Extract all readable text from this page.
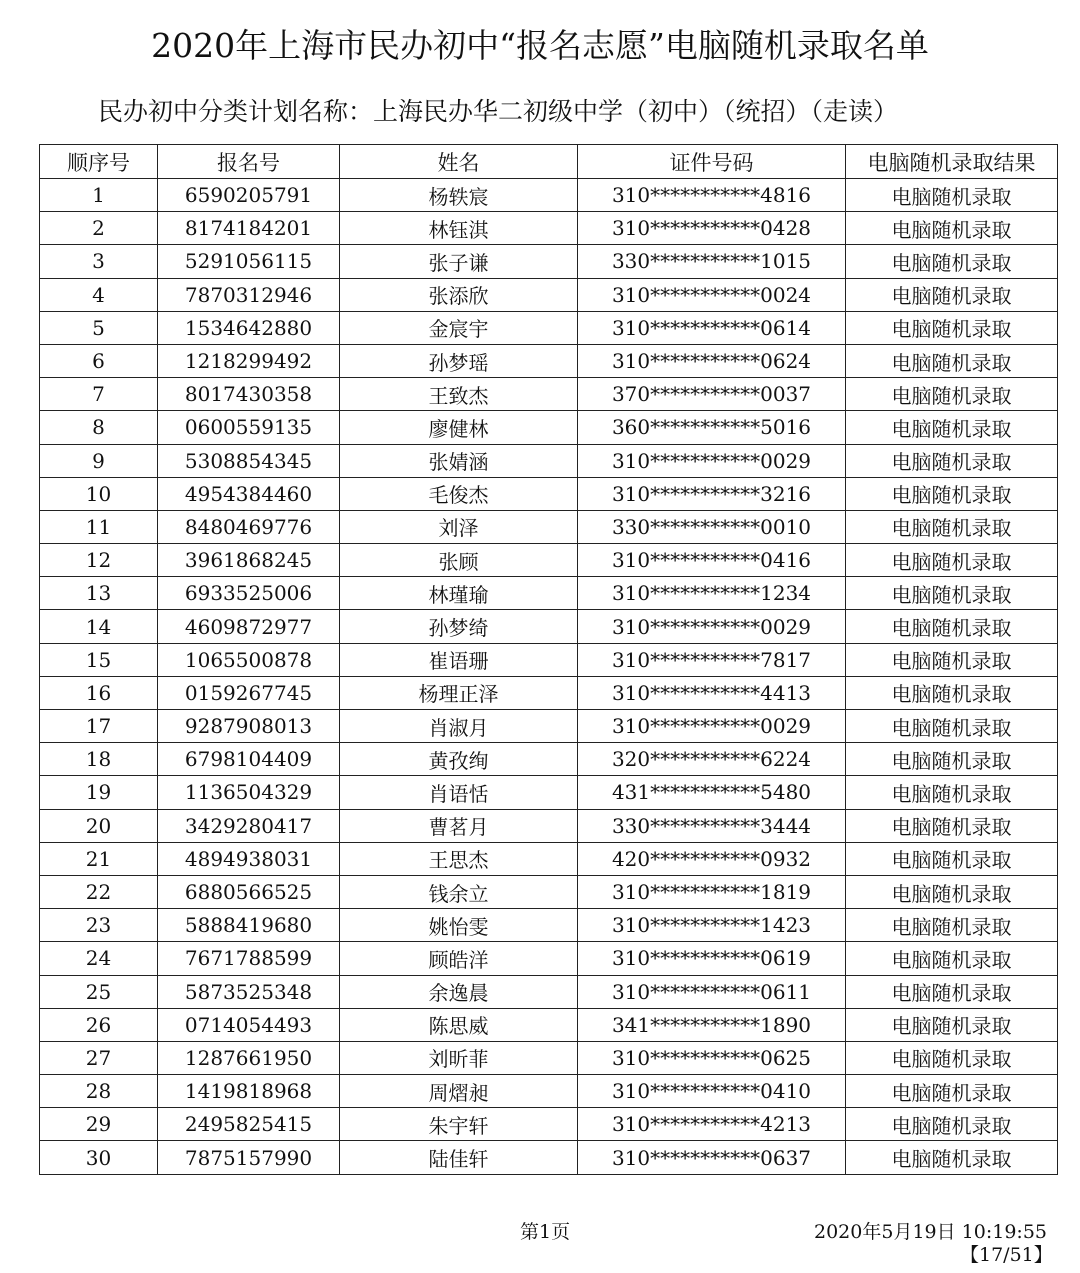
2020年上海市民办初中“报名志愿”电脑随机录取名单
民办初中分类计划名称：上海民办华二初级中学（初中）（统招）（走读）
顺序号	报名号	姓名	证件号码	电脑随机录取结果
1	6590205791	杨轶宸	310***********4816	电脑随机录取
2	8174184201	林钰淇	310***********0428	电脑随机录取
3	5291056115	张子谦	330***********1015	电脑随机录取
4	7870312946	张添欣	310***********0024	电脑随机录取
5	1534642880	金宸宇	310***********0614	电脑随机录取
6	1218299492	孙梦瑶	310***********0624	电脑随机录取
7	8017430358	王致杰	370***********0037	电脑随机录取
8	0600559135	廖健林	360***********5016	电脑随机录取
9	5308854345	张婧涵	310***********0029	电脑随机录取
10	4954384460	毛俊杰	310***********3216	电脑随机录取
11	8480469776	刘泽	330***********0010	电脑随机录取
12	3961868245	张顾	310***********0416	电脑随机录取
13	6933525006	林瑾瑜	310***********1234	电脑随机录取
14	4609872977	孙梦绮	310***********0029	电脑随机录取
15	1065500878	崔语珊	310***********7817	电脑随机录取
16	0159267745	杨理正泽	310***********4413	电脑随机录取
17	9287908013	肖淑月	310***********0029	电脑随机录取
18	6798104409	黄孜绚	320***********6224	电脑随机录取
19	1136504329	肖语恬	431***********5480	电脑随机录取
20	3429280417	曹茗月	330***********3444	电脑随机录取
21	4894938031	王思杰	420***********0932	电脑随机录取
22	6880566525	钱余立	310***********1819	电脑随机录取
23	5888419680	姚怡雯	310***********1423	电脑随机录取
24	7671788599	顾皓洋	310***********0619	电脑随机录取
25	5873525348	余逸晨	310***********0611	电脑随机录取
26	0714054493	陈思威	341***********1890	电脑随机录取
27	1287661950	刘昕菲	310***********0625	电脑随机录取
28	1419818968	周熠昶	310***********0410	电脑随机录取
29	2495825415	朱宇轩	310***********4213	电脑随机录取
30	7875157990	陆佳轩	310***********0637	电脑随机录取
第1页	2020年5月19日 10:19:55
【17/51】
